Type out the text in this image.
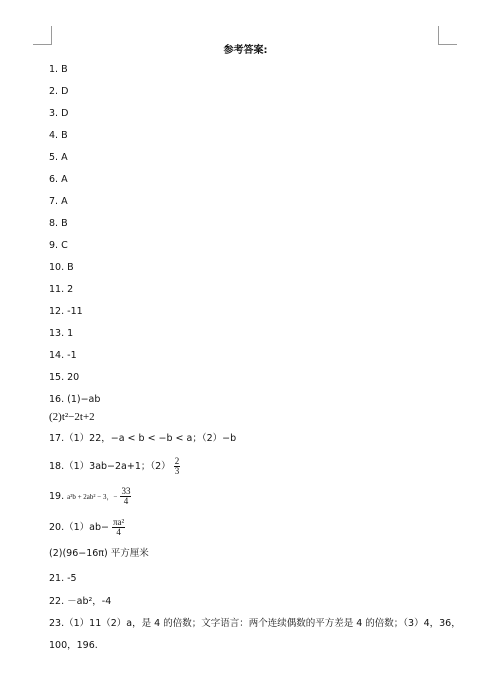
参考答案:
1. B
2. D
3. D
4. B
5. A
6. A
7. A
8. B
9. C
10. B
11. 2
12. -11
13. 1
14. -1
15. 20
16. (1)−ab
(2)t²−2t+2
17.（1）22，−a < b < −b < a；（2）−b
18.（1）3ab−2a+1；$(2) \frac{2}{3}$
19. a²b + 2ab² − 3，− $\frac{33}{4}$
$20.(1)ab- \frac{\text{πa²}}{4}$
(2)(96−16π) 平方厘米
21. -5
22. －ab²，-4
23.（1）11（2）a，是 4 的倍数；文字语言：两个连续偶数的平方差是 4 的倍数；（3）4，36，
100，196.
